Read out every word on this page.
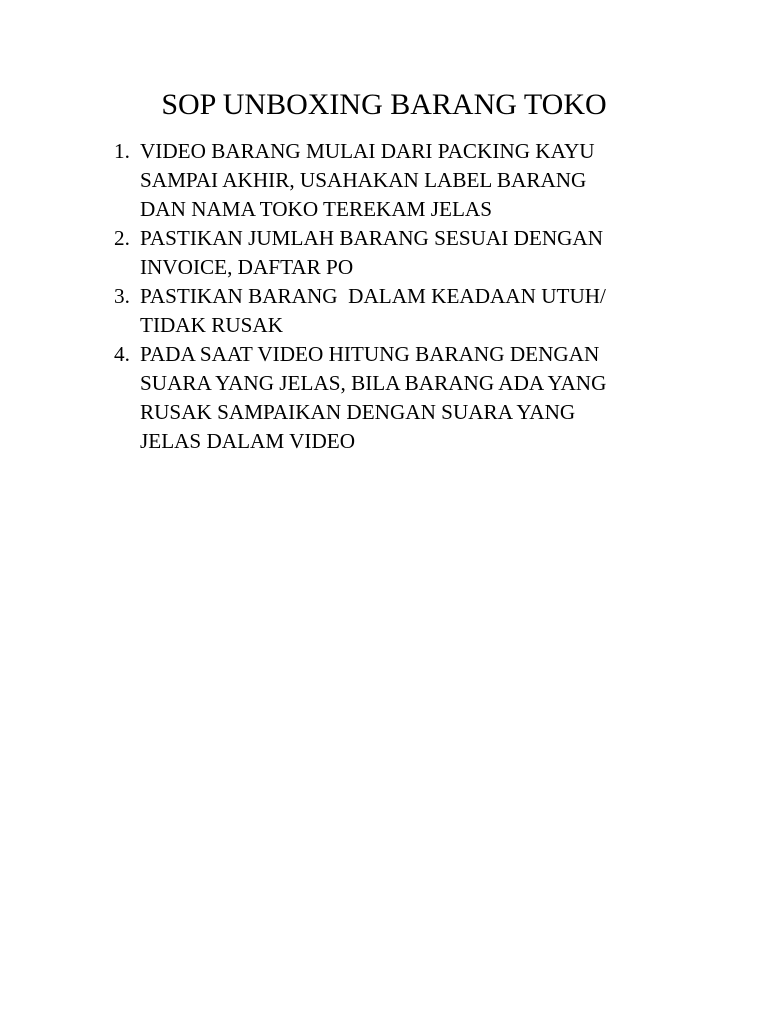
SOP UNBOXING BARANG TOKO
1. VIDEO BARANG MULAI DARI PACKING KAYU
SAMPAI AKHIR, USAHAKAN LABEL BARANG
DAN NAMA TOKO TEREKAM JELAS
2. PASTIKAN JUMLAH BARANG SESUAI DENGAN
INVOICE, DAFTAR PO
3. PASTIKAN BARANG  DALAM KEADAAN UTUH/
TIDAK RUSAK
4. PADA SAAT VIDEO HITUNG BARANG DENGAN
SUARA YANG JELAS, BILA BARANG ADA YANG
RUSAK SAMPAIKAN DENGAN SUARA YANG
JELAS DALAM VIDEO
